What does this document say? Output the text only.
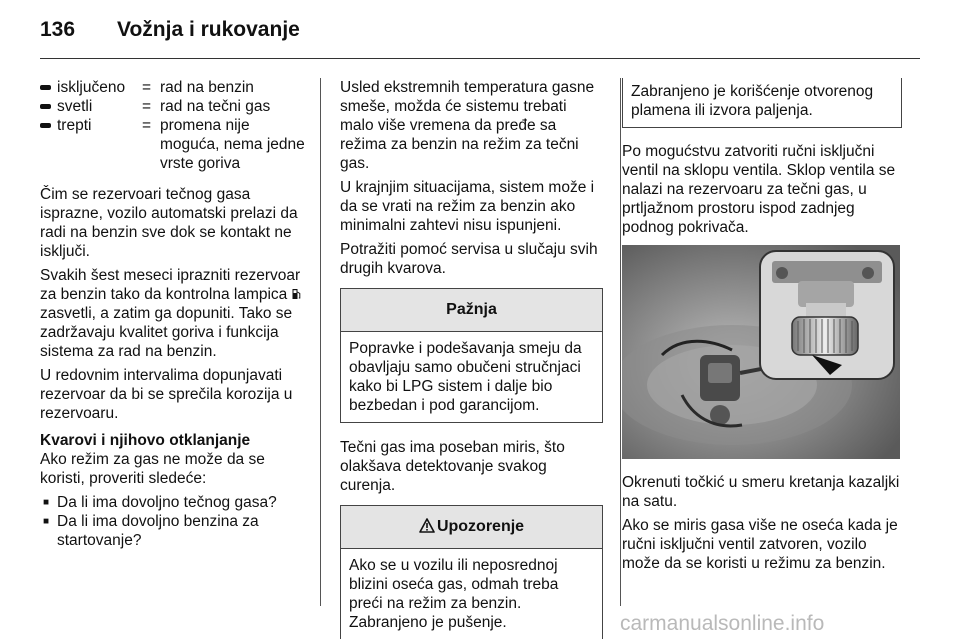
136 Vožnja i rukovanje
isključeno	= rad na benzin
svetli	= rad na tečni gas
trepti	= promena nije moguća, nema jedne vrste goriva

Čim se rezervoari tečnog gasa isprazne, vozilo automatski prelazi da radi na benzin sve dok se kontakt ne isključi.

Svakih šest meseci iprazniti rezervoar za benzin tako da kontrolna lampica  zasvetli, a zatim ga dopuniti. Tako se zadržavaju kvalitet goriva i funkcija sistema za rad na benzin.

U redovnim intervalima dopunjavati rezervoar da bi se sprečila korozija u rezervoaru.

Kvarovi i njihovo otklanjanje

Ako režim za gas ne može da se koristi, proveriti sledeće:

■ Da li ima dovoljno tečnog gasa?
■ Da li ima dovoljno benzina za startovanje?

Usled ekstremnih temperatura gasne smeše, možda će sistemu trebati malo više vremena da pređe sa režima za benzin na režim za tečni gas.

U krajnjim situacijama, sistem može i da se vrati na režim za benzin ako minimalni zahtevi nisu ispunjeni.

Potražiti pomoć servisa u slučaju svih drugih kvarova.

Pažnja
Popravke i podešavanja smeju da obavljaju samo obučeni stručnjaci kako bi LPG sistem i dalje bio bezbedan i pod garancijom.

Tečni gas ima poseban miris, što olakšava detektovanje svakog curenja.

Upozorenje
Ako se u vozilu ili neposrednoj blizini oseća gas, odmah treba preći na režim za benzin. Zabranjeno je pušenje.
Zabranjeno je korišćenje otvorenog plamena ili izvora paljenja.

Po mogućstvu zatvoriti ručni isključni ventil na sklopu ventila. Sklop ventila se nalazi na rezervoaru za tečni gas, u prtljažnom prostoru ispod zadnjeg podnog pokrivača.

Okrenuti točkić u smeru kretanja kazaljki na satu.

Ako se miris gasa više ne oseća kada je ručni isključni ventil zatvoren, vozilo može da se koristi u režimu za benzin.

carmanualsonline.info
